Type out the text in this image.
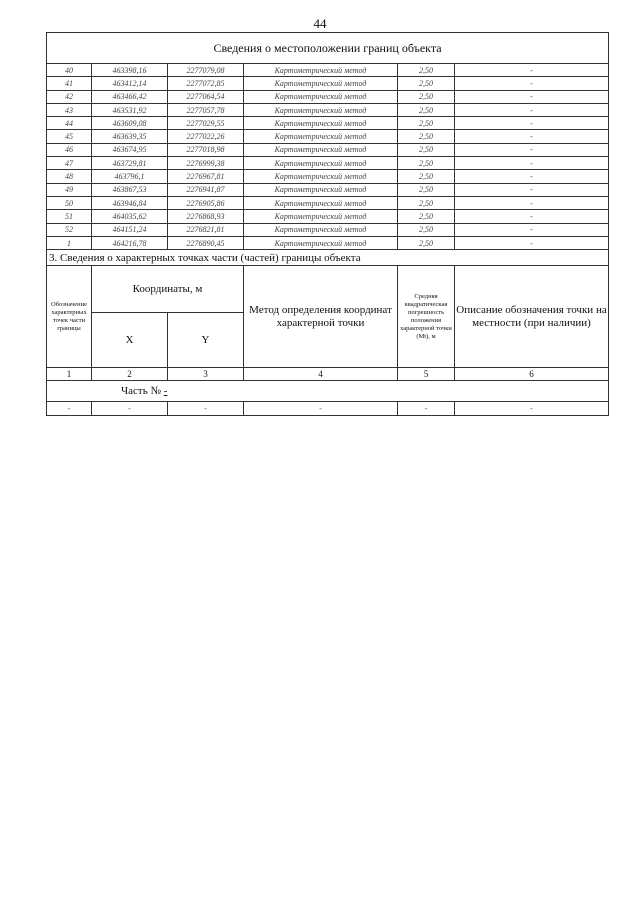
44
Сведения о местоположении границ объекта					
40	463398,16	2277079,08	Картометрический метод	2,50	-
41	463412,14	2277072,85	Картометрический метод	2,50	-
42	463466,42	2277064,54	Картометрический метод	2,50	-
43	463531,92	2277057,78	Картометрический метод	2,50	-
44	463609,08	2277029,55	Картометрический метод	2,50	-
45	463639,35	2277022,26	Картометрический метод	2,50	-
46	463674,95	2277018,98	Картометрический метод	2,50	-
47	463729,81	2276999,38	Картометрический метод	2,50	-
48	463796,1	2276967,81	Картометрический метод	2,50	-
49	463867,53	2276941,87	Картометрический метод	2,50	-
50	463946,84	2276905,86	Картометрический метод	2,50	-
51	464035,62	2276868,93	Картометрический метод	2,50	-
52	464151,24	2276821,81	Картометрический метод	2,50	-
1	464216,78	2276890,45	Картометрический метод	2,50	-
3. Сведения о характерных точках части (частей) границы объекта					
Обозначение характерных точек части границы	Координаты, м		Метод определения координат характерной точки	Средняя квадратическая погрешность положения характерной точки (Mt), м	Описание обозначения точки на местности (при наличии)
	X	Y			
1	2	3	4	5	6
Часть № -					
-	-	-	-	-	-
